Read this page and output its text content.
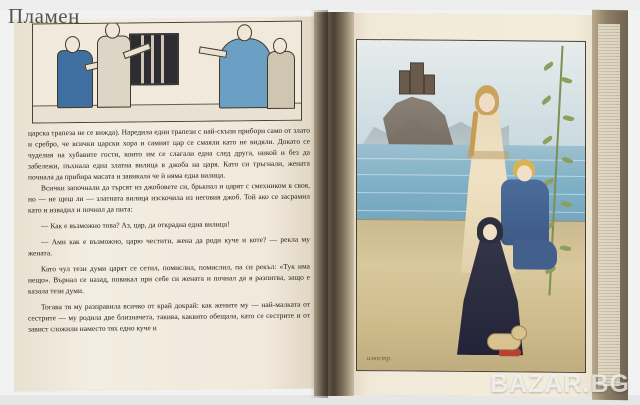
Пламен

царска трапеза не се вижда). Наредила едни трапези с най-скъпи прибори само от злато и сребро, че всички царски хора и самият цар се смаяли като не видяли. Докато се чуделия на хубавите гости, които им се слагали една след друга, никой и без да забележи, пъхнала една златна вилица в джоба на царя. Като си тръгнали, жената почнала да прибира масата и завикала че ѝ няма една вилица.

Всички започнали да търсят из джобовете си, брькнал и царят с смехником в своя, но — не щеш ли — златната вилица изскочила из неговия джоб. Той ако се засрамил като и извадил и почнал да пита:

— Как е възможно това? Аз, цар, да открадна една вилица!

— Ами как е възможно, царю честити, жена да роди куче и коте? — рекла му жената.

Като чул тези думи царят се сетил, помислил, помислил, па си рекъл: «Тук има нещо». Върнал се назад, повикал при себе си жената и почнал да я разпитва, защо е казала тези думи.

Тогава тя му разправила всичко от край докрай: как жените му — най-малката от сестрите — му родила две близначета, такива, каквито обещала, като се сестрите и от завист сложили наместо тях едно куче и

илюстр.
BAZAR.BG
